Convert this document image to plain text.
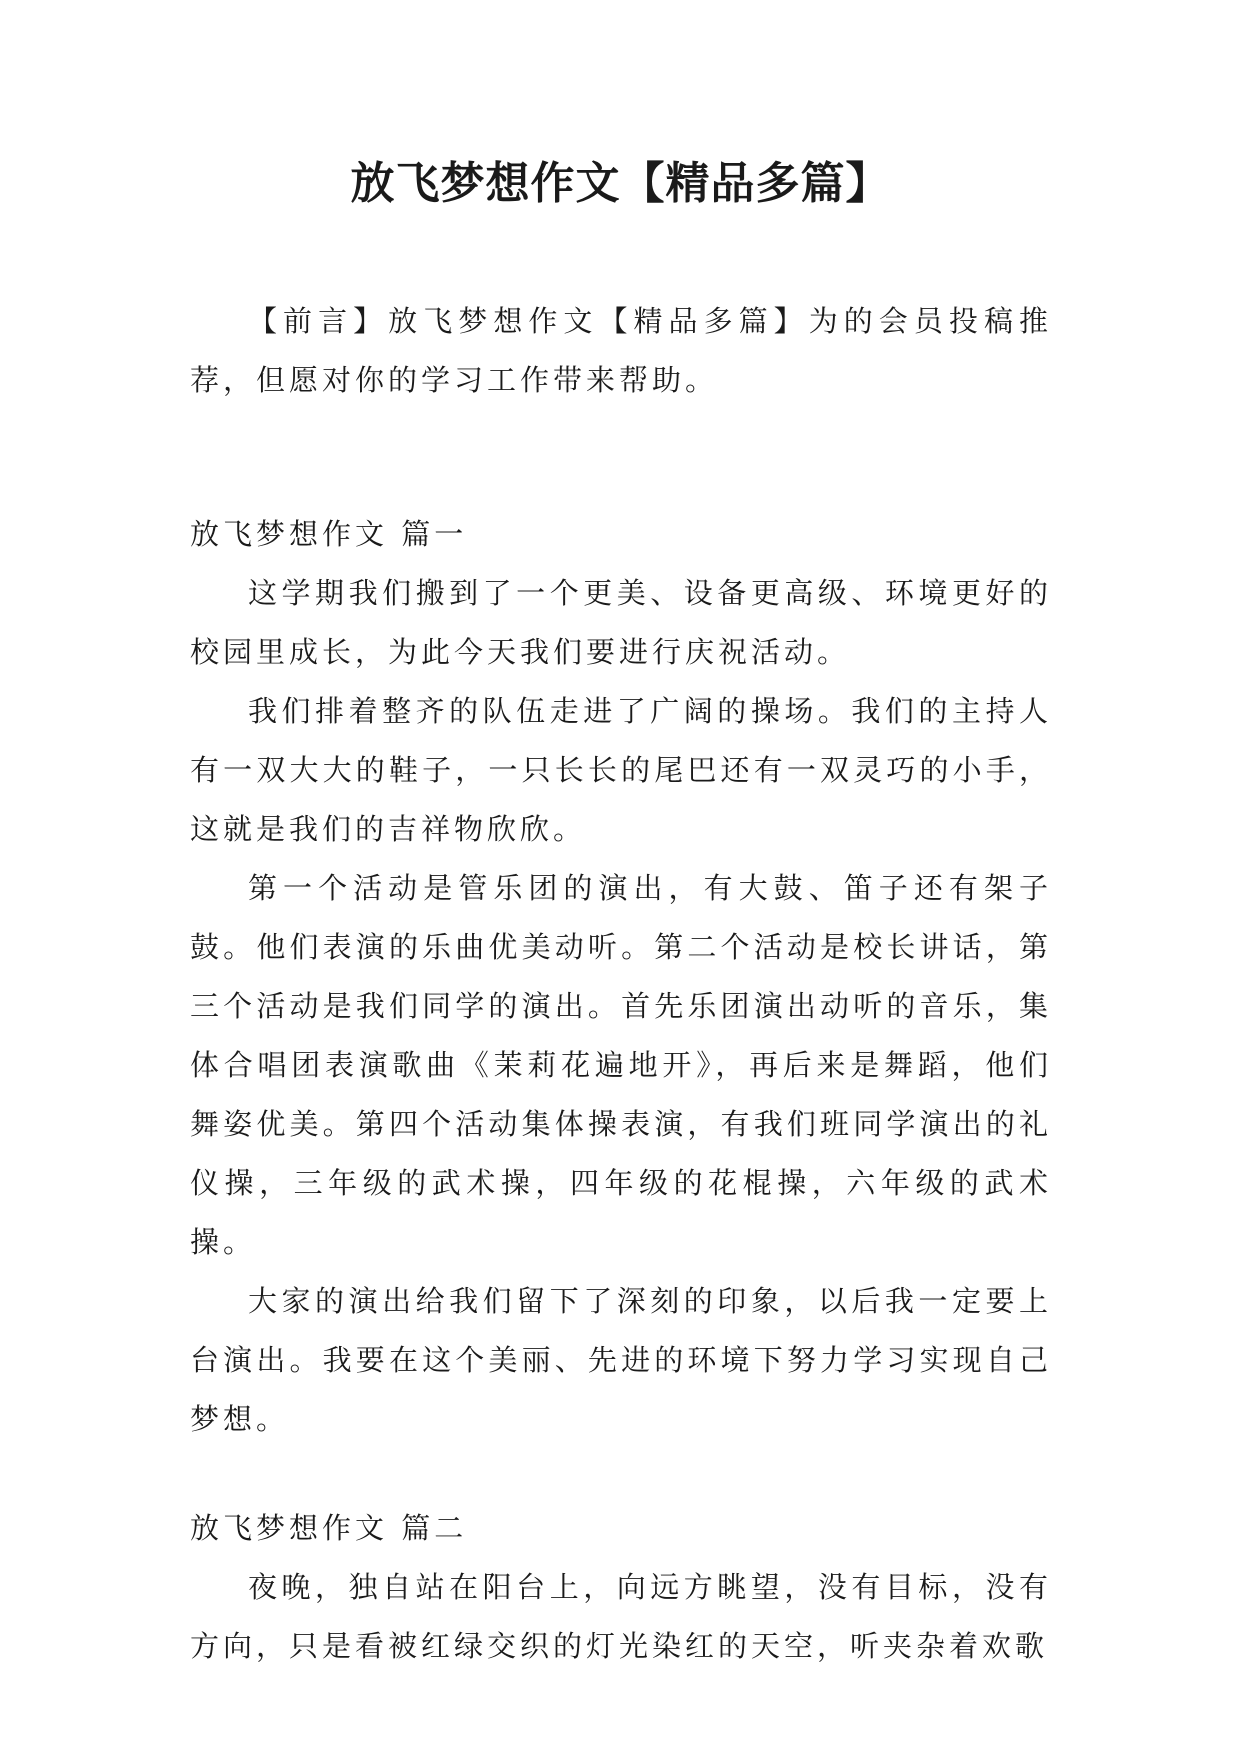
放飞梦想作文【精品多篇】

【前言】放飞梦想作文【精品多篇】为的会员投稿推荐，但愿对你的学习工作带来帮助。

放飞梦想作文 篇一

这学期我们搬到了一个更美、设备更高级、环境更好的校园里成长，为此今天我们要进行庆祝活动。

我们排着整齐的队伍走进了广阔的操场。我们的主持人有一双大大的鞋子，一只长长的尾巴还有一双灵巧的小手，这就是我们的吉祥物欣欣。

第一个活动是管乐团的演出，有大鼓、笛子还有架子鼓。他们表演的乐曲优美动听。第二个活动是校长讲话，第三个活动是我们同学的演出。首先乐团演出动听的音乐，集体合唱团表演歌曲《茉莉花遍地开》，再后来是舞蹈，他们舞姿优美。第四个活动集体操表演，有我们班同学演出的礼仪操，三年级的武术操，四年级的花棍操，六年级的武术操。

大家的演出给我们留下了深刻的印象，以后我一定要上台演出。我要在这个美丽、先进的环境下努力学习实现自己梦想。

放飞梦想作文 篇二

夜晚，独自站在阳台上，向远方眺望，没有目标，没有方向，只是看被红绿交织的灯光染红的天空，听夹杂着欢歌
